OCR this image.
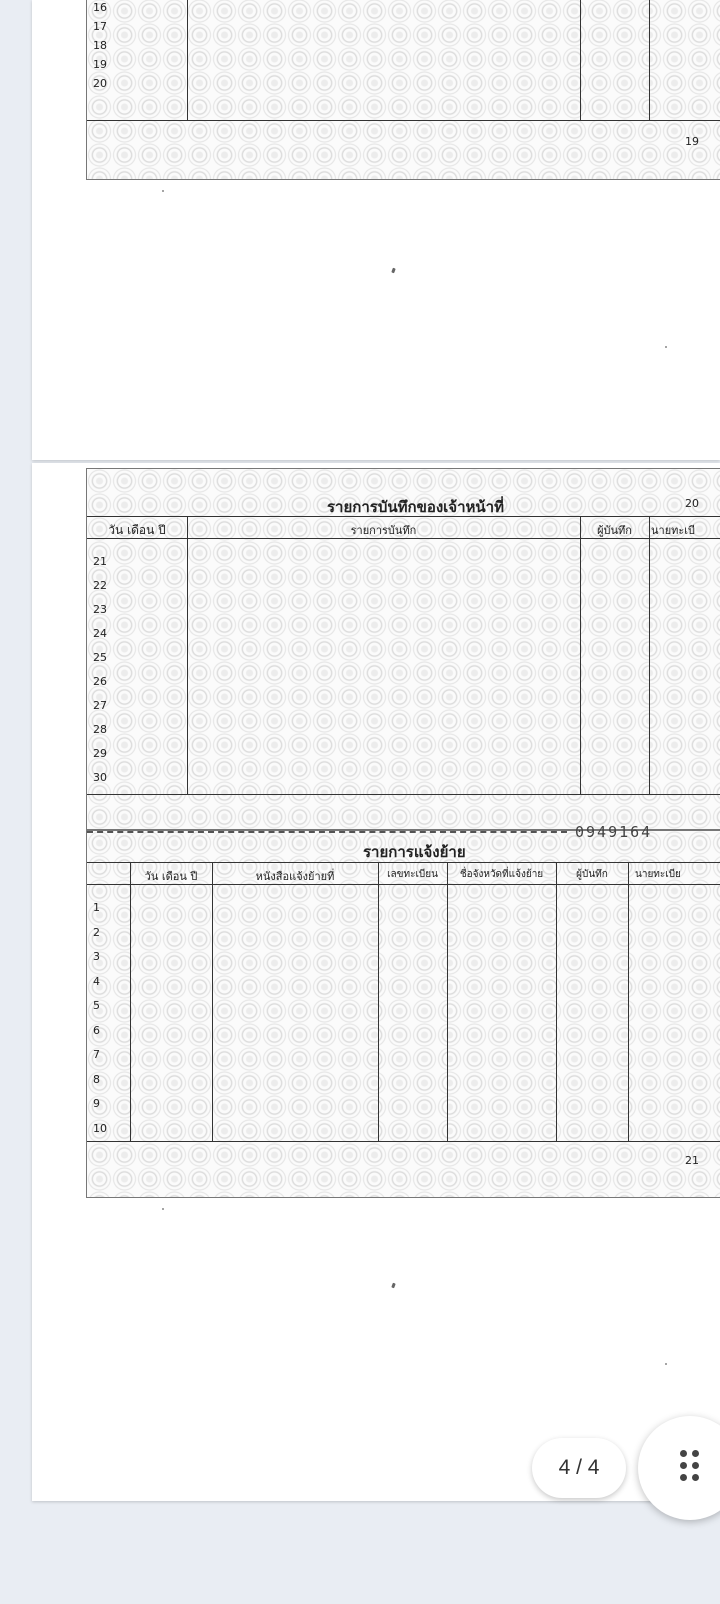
16
17
18
19
20
19
รายการบันทึกของเจ้าหน้าที่	20
วัน เดือน ปี	รายการบันทึก	ผู้บันทึก	นายทะเบี
21
22
23
24
25
26
27
28
29
30
0949164
รายการแจ้งย้าย
วัน เดือน ปี	หนังสือแจ้งย้ายที่	เลขทะเบียน	ชื่อจังหวัดที่แจ้งย้าย	ผู้บันทึก	นายทะเบีย
1
2
3
4
5
6
7
8
9
10
21
4 / 4
